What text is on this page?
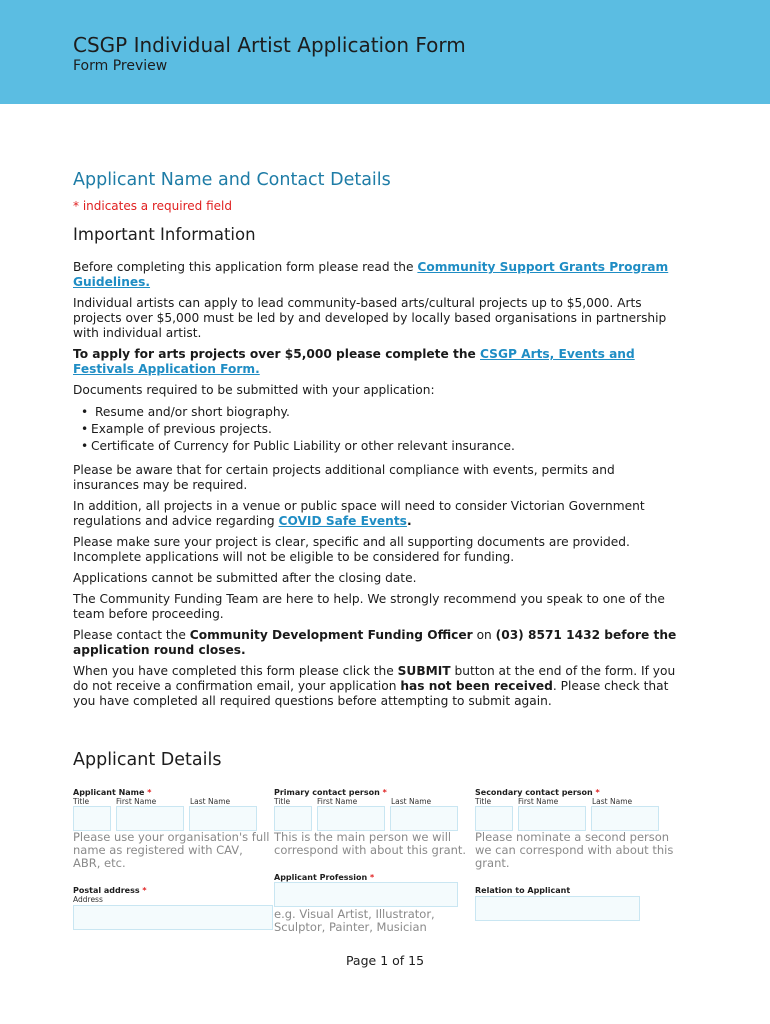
CSGP Individual Artist Application Form
Form Preview
Applicant Name and Contact Details
* indicates a required field
Important Information

Before completing this application form please read the Community Support Grants Program Guidelines.

Individual artists can apply to lead community-based arts/cultural projects up to $5,000. Arts projects over $5,000 must be led by and developed by locally based organisations in partnership with individual artist.

To apply for arts projects over $5,000 please complete the CSGP Arts, Events and Festivals Application Form.

Documents required to be submitted with your application:

• Resume and/or short biography.
• Example of previous projects.
• Certificate of Currency for Public Liability or other relevant insurance.

Please be aware that for certain projects additional compliance with events, permits and insurances may be required.

In addition, all projects in a venue or public space will need to consider Victorian Government regulations and advice regarding COVID Safe Events.

Please make sure your project is clear, specific and all supporting documents are provided. Incomplete applications will not be eligible to be considered for funding.

Applications cannot be submitted after the closing date.

The Community Funding Team are here to help. We strongly recommend you speak to one of the team before proceeding.

Please contact the Community Development Funding Officer on (03) 8571 1432 before the application round closes.

When you have completed this form please click the SUBMIT button at the end of the form. If you do not receive a confirmation email, your application has not been received. Please check that you have completed all required questions before attempting to submit again.

Applicant Details
Applicant Name *
Title	First Name	Last Name
Please use your organisation's full name as registered with CAV, ABR, etc.
Primary contact person *
Title	First Name	Last Name
This is the main person we will correspond with about this grant.
Secondary contact person *
Title	First Name	Last Name
Please nominate a second person we can correspond with about this grant.
Postal address *
Address
Applicant Profession *
e.g. Visual Artist, Illustrator, Sculptor, Painter, Musician
Relation to Applicant
Page 1 of 15
